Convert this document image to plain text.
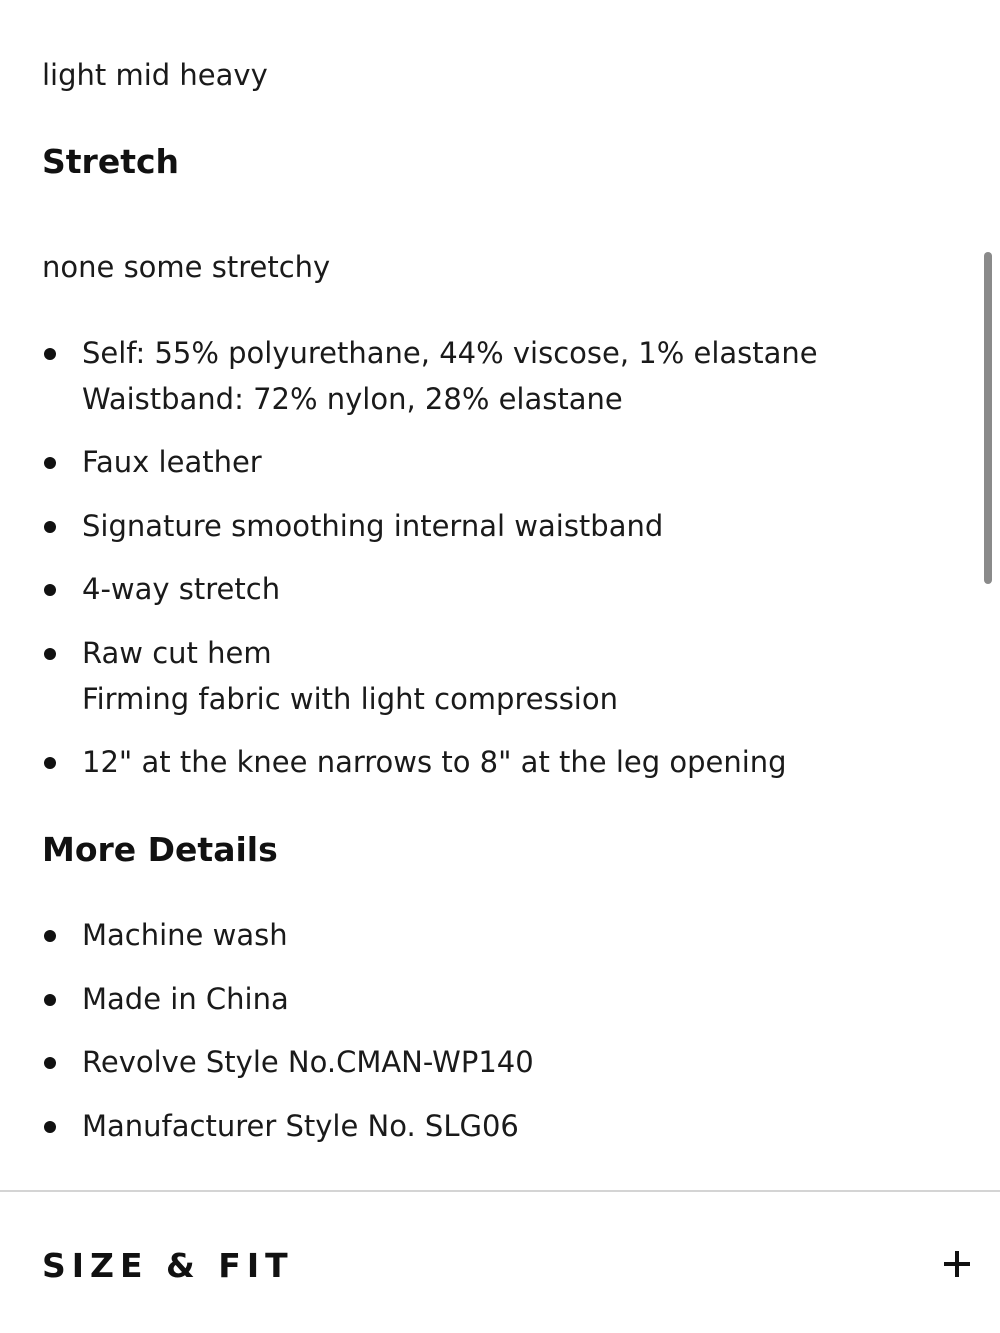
light mid heavy
Stretch
none some stretchy
Self: 55% polyurethane, 44% viscose, 1% elastane
Waistband: 72% nylon, 28% elastane
Faux leather
Signature smoothing internal waistband
4-way stretch
Raw cut hem
Firming fabric with light compression
12" at the knee narrows to 8" at the leg opening
More Details
Machine wash
Made in China
Revolve Style No.CMAN-WP140
Manufacturer Style No. SLG06
SIZE & FIT
